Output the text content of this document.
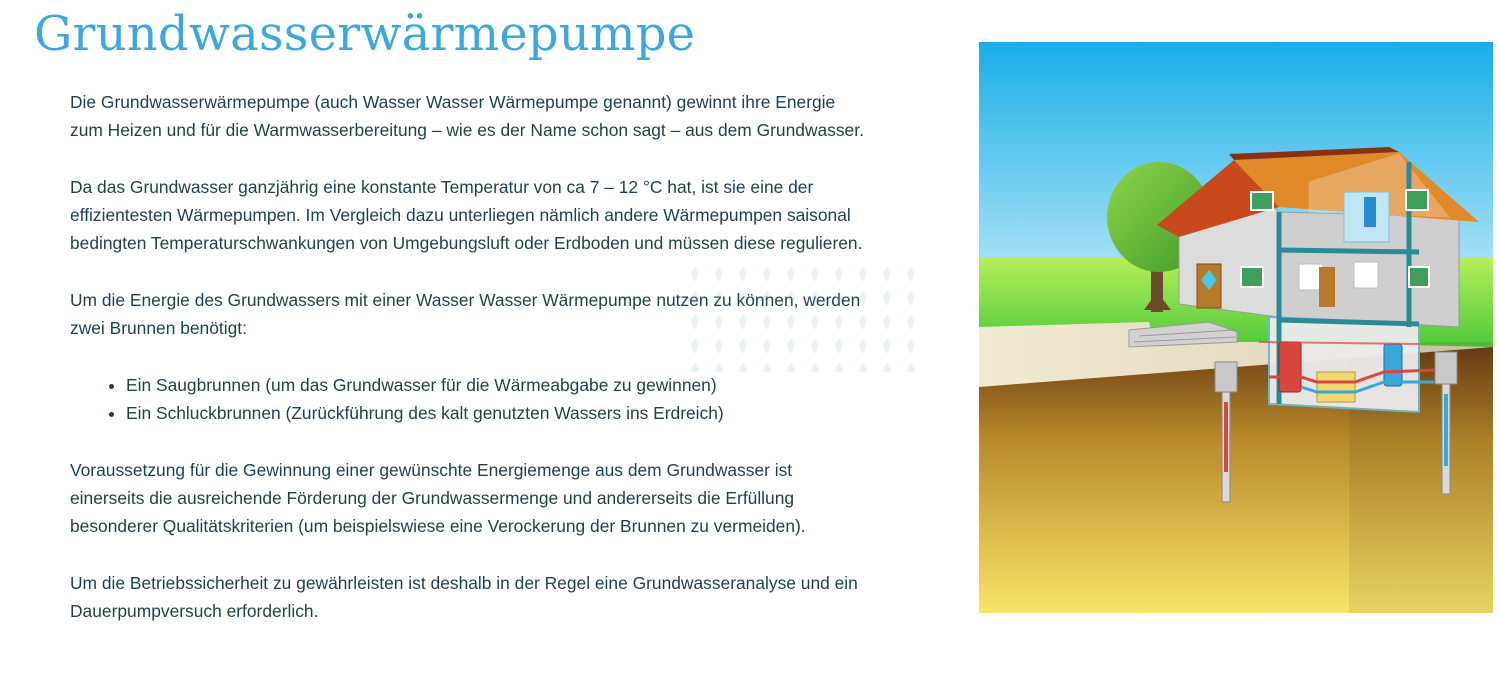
Grundwasserwärmepumpe

Die Grundwasserwärmepumpe (auch Wasser Wasser Wärmepumpe genannt) gewinnt ihre Energie zum Heizen und für die Warmwasserbereitung – wie es der Name schon sagt – aus dem Grundwasser.

Da das Grundwasser ganzjährig eine konstante Temperatur von ca 7 – 12 °C hat, ist sie eine der effizientesten Wärmepumpen. Im Vergleich dazu unterliegen nämlich andere Wärmepumpen saisonal bedingten Temperaturschwankungen von Umgebungsluft oder Erdboden und müssen diese regulieren.

Um die Energie des Grundwassers mit einer Wasser Wasser Wärmepumpe nutzen zu können, werden zwei Brunnen benötigt:

• Ein Saugbrunnen (um das Grundwasser für die Wärmeabgabe zu gewinnen)
• Ein Schluckbrunnen (Zurückführung des kalt genutzten Wassers ins Erdreich)

Voraussetzung für die Gewinnung einer gewünschte Energiemenge aus dem Grundwasser ist einerseits die ausreichende Förderung der Grundwassermenge und andererseits die Erfüllung besonderer Qualitätskriterien (um beispielswiese eine Verockerung der Brunnen zu vermeiden).

Um die Betriebssicherheit zu gewährleisten ist deshalb in der Regel eine Grundwasseranalyse und ein Dauerpumpversuch erforderlich.
